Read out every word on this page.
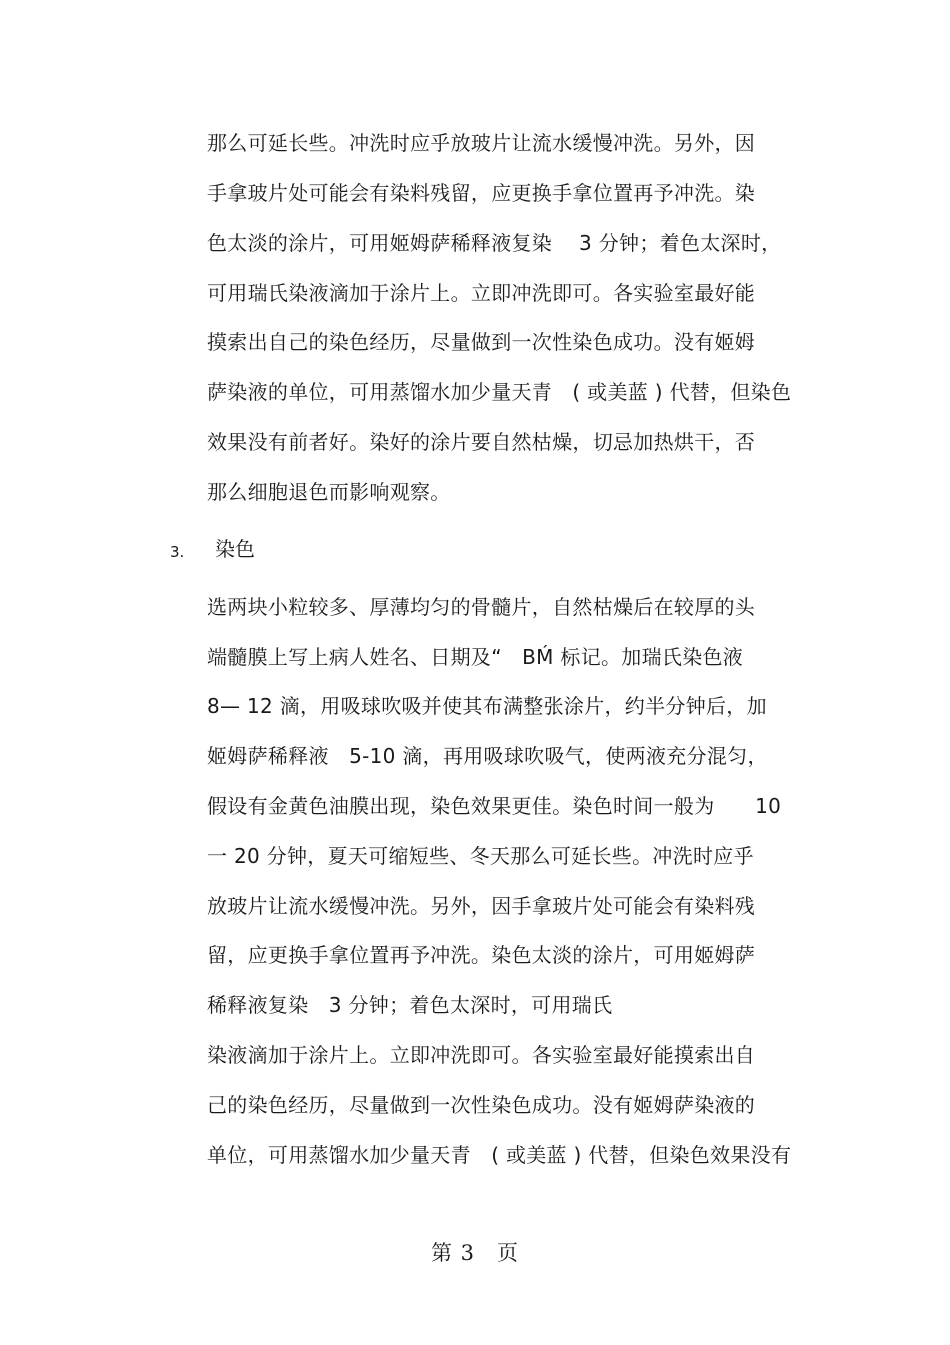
那么可延长些。冲洗时应乎放玻片让流水缓慢冲洗。另外，因
手拿玻片处可能会有染料残留，应更换手拿位置再予冲洗。染
色太淡的涂片，可用姬姆萨稀释液复染　 3 分钟；着色太深时，
可用瑞氏染液滴加于涂片上。立即冲洗即可。各实验室最好能
摸索出自己的染色经历，尽量做到一次性染色成功。没有姬姆
萨染液的单位，可用蒸馏水加少量天青　( 或美蓝 ) 代替，但染色
效果没有前者好。染好的涂片要自然枯燥，切忌加热烘干，否
那么细胞退色而影响观察。
3. 染色
选两块小粒较多、厚薄均匀的骨髓片，自然枯燥后在较厚的头
端髓膜上写上病人姓名、日期及“　BḾ 标记。加瑞氏染色液
8— 12 滴，用吸球吹吸并使其布满整张涂片，约半分钟后，加
姬姆萨稀释液　5-10 滴，再用吸球吹吸气，使两液充分混匀，
假设有金黄色油膜出现，染色效果更佳。染色时间一般为　　10
一 20 分钟，夏天可缩短些、冬天那么可延长些。冲洗时应乎
放玻片让流水缓慢冲洗。另外，因手拿玻片处可能会有染料残
留，应更换手拿位置再予冲洗。染色太淡的涂片，可用姬姆萨
稀释液复染　3 分钟；着色太深时，可用瑞氏
染液滴加于涂片上。立即冲洗即可。各实验室最好能摸索出自
己的染色经历，尽量做到一次性染色成功。没有姬姆萨染液的
单位，可用蒸馏水加少量天青　( 或美蓝 ) 代替，但染色效果没有
第 3　页
